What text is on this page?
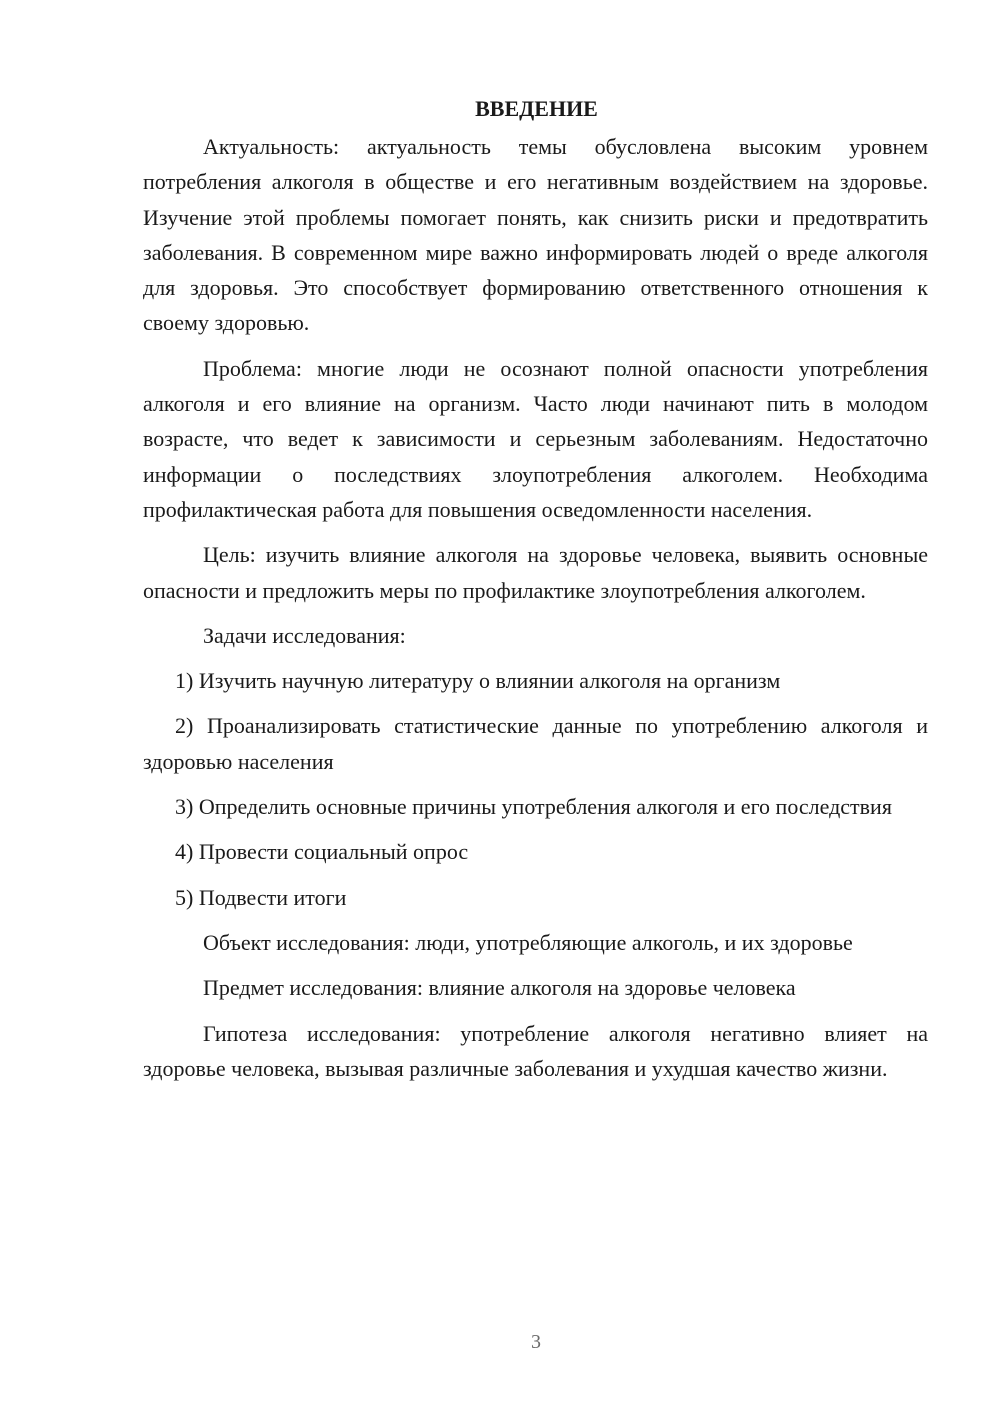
ВВЕДЕНИЕ

Актуальность: актуальность темы обусловлена высоким уровнем потребления алкоголя в обществе и его негативным воздействием на здоровье. Изучение этой проблемы помогает понять, как снизить риски и предотвратить заболевания. В современном мире важно информировать людей о вреде алкоголя для здоровья. Это способствует формированию ответственного отношения к своему здоровью.

Проблема: многие люди не осознают полной опасности употребления алкоголя и его влияние на организм. Часто люди начинают пить в молодом возрасте, что ведет к зависимости и серьезным заболеваниям. Недостаточно информации о последствиях злоупотребления алкоголем. Необходима профилактическая работа для повышения осведомленности населения.

Цель: изучить влияние алкоголя на здоровье человека, выявить основные опасности и предложить меры по профилактике злоупотребления алкоголем.

Задачи исследования:

1) Изучить научную литературу о влиянии алкоголя на организм

2) Проанализировать статистические данные по употреблению алкоголя и здоровью населения

3) Определить основные причины употребления алкоголя и его последствия

4) Провести социальный опрос

5) Подвести итоги

Объект исследования: люди, употребляющие алкоголь, и их здоровье

Предмет исследования: влияние алкоголя на здоровье человека

Гипотеза исследования: употребление алкоголя негативно влияет на здоровье человека, вызывая различные заболевания и ухудшая качество жизни.

3
